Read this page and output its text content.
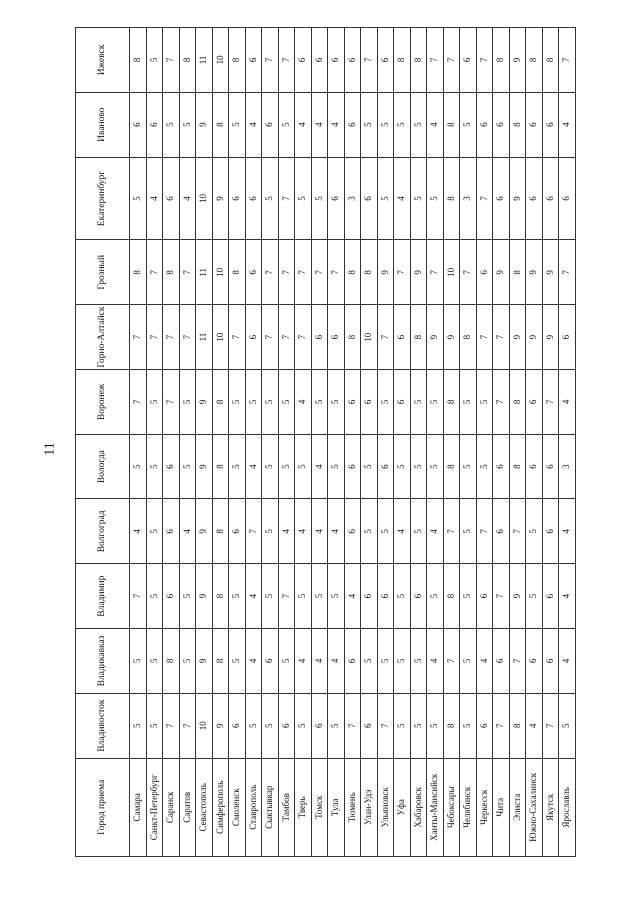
11
Город приема	Владивосток	Владикавказ	Владимир	Волгоград	Вологда	Воронеж	Горно-Алтайск	Грозный	Екатеринбург	Иваново	Ижевск
Самара	5	5	7	4	5	7	7	8	5	6	8
Санкт-Петербург	5	5	5	5	5	5	7	7	4	6	5
Саранск	7	8	6	6	6	7	7	8	6	5	7
Саратов	7	5	5	4	5	5	7	7	4	5	8
Севастополь	10	9	9	9	9	9	11	11	10	9	11
Симферополь	9	8	8	8	8	8	10	10	9	8	10
Смоленск	6	5	5	6	5	5	7	8	6	5	8
Ставрополь	5	4	4	7	4	5	6	6	6	4	6
Сыктывкар	5	6	5	5	5	5	7	7	5	6	7
Тамбов	6	5	7	4	5	5	7	7	7	5	7
Тверь	5	4	5	4	5	4	7	7	5	4	6
Томск	6	4	5	4	4	5	6	7	5	4	6
Тула	5	4	5	4	5	5	6	7	6	4	6
Тюмень	7	6	4	6	6	6	8	8	3	6	6
Улан-Удэ	6	5	6	5	5	6	10	8	6	5	7
Ульяновск	7	5	6	5	6	5	7	9	5	5	6
Уфа	5	5	5	4	5	6	6	7	4	5	8
Хабаровск	5	5	6	5	5	5	8	9	5	5	8
Ханты-Мансийск	5	4	5	4	5	5	9	7	5	4	7
Чебоксары	8	7	8	7	8	8	9	10	8	8	7
Челябинск	5	5	5	5	5	5	8	7	3	5	6
Черкесск	6	4	6	7	5	5	7	6	7	6	7
Чита	7	6	7	6	6	7	7	9	6	6	8
Элиста	8	7	9	7	8	8	9	8	9	8	9
Южно-Сахалинск	4	6	5	5	6	6	9	9	6	6	8
Якутск	7	6	6	6	6	7	9	9	6	6	8
Ярославль	5	4	4	4	3	4	6	7	6	4	7
